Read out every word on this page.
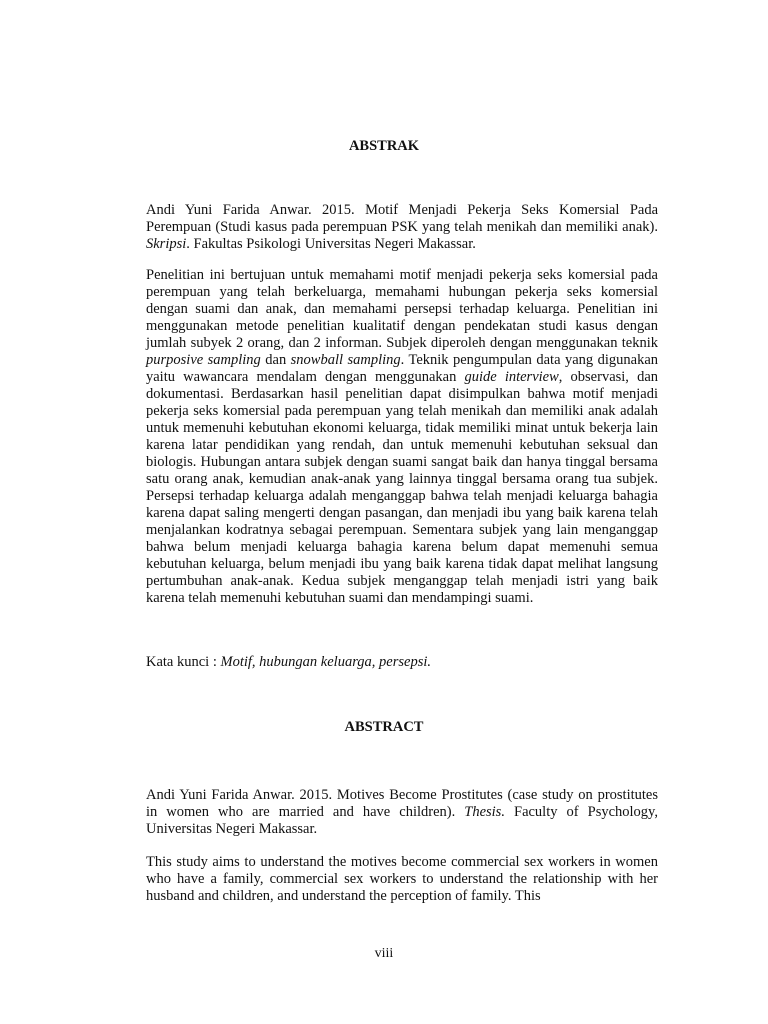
ABSTRAK

Andi Yuni Farida Anwar. 2015. Motif Menjadi Pekerja Seks Komersial Pada Perempuan (Studi kasus pada perempuan PSK yang telah menikah dan memiliki anak). Skripsi. Fakultas Psikologi Universitas Negeri Makassar.

Penelitian ini bertujuan untuk memahami motif menjadi pekerja seks komersial pada perempuan yang telah berkeluarga, memahami hubungan pekerja seks komersial dengan suami dan anak, dan memahami persepsi terhadap keluarga. Penelitian ini menggunakan metode penelitian kualitatif dengan pendekatan studi kasus dengan jumlah subyek 2 orang, dan 2 informan. Subjek diperoleh dengan menggunakan teknik purposive sampling dan snowball sampling. Teknik pengumpulan data yang digunakan yaitu wawancara mendalam dengan menggunakan guide interview, observasi, dan dokumentasi. Berdasarkan hasil penelitian dapat disimpulkan bahwa motif menjadi pekerja seks komersial pada perempuan yang telah menikah dan memiliki anak adalah untuk memenuhi kebutuhan ekonomi keluarga, tidak memiliki minat untuk bekerja lain karena latar pendidikan yang rendah, dan untuk memenuhi kebutuhan seksual dan biologis. Hubungan antara subjek dengan suami sangat baik dan hanya tinggal bersama satu orang anak, kemudian anak-anak yang lainnya tinggal bersama orang tua subjek. Persepsi terhadap keluarga adalah menganggap bahwa telah menjadi keluarga bahagia karena dapat saling mengerti dengan pasangan, dan menjadi ibu yang baik karena telah menjalankan kodratnya sebagai perempuan. Sementara subjek yang lain menganggap bahwa belum menjadi keluarga bahagia karena belum dapat memenuhi semua kebutuhan keluarga, belum menjadi ibu yang baik karena tidak dapat melihat langsung pertumbuhan anak-anak. Kedua subjek menganggap telah menjadi istri yang baik karena telah memenuhi kebutuhan suami dan mendampingi suami.

Kata kunci : Motif, hubungan keluarga, persepsi.

ABSTRACT

Andi Yuni Farida Anwar. 2015. Motives Become Prostitutes (case study on prostitutes in women who are married and have children). Thesis. Faculty of Psychology, Universitas Negeri Makassar.

This study aims to understand the motives become commercial sex workers in women who have a family, commercial sex workers to understand the relationship with her husband and children, and understand the perception of family. This

viii
